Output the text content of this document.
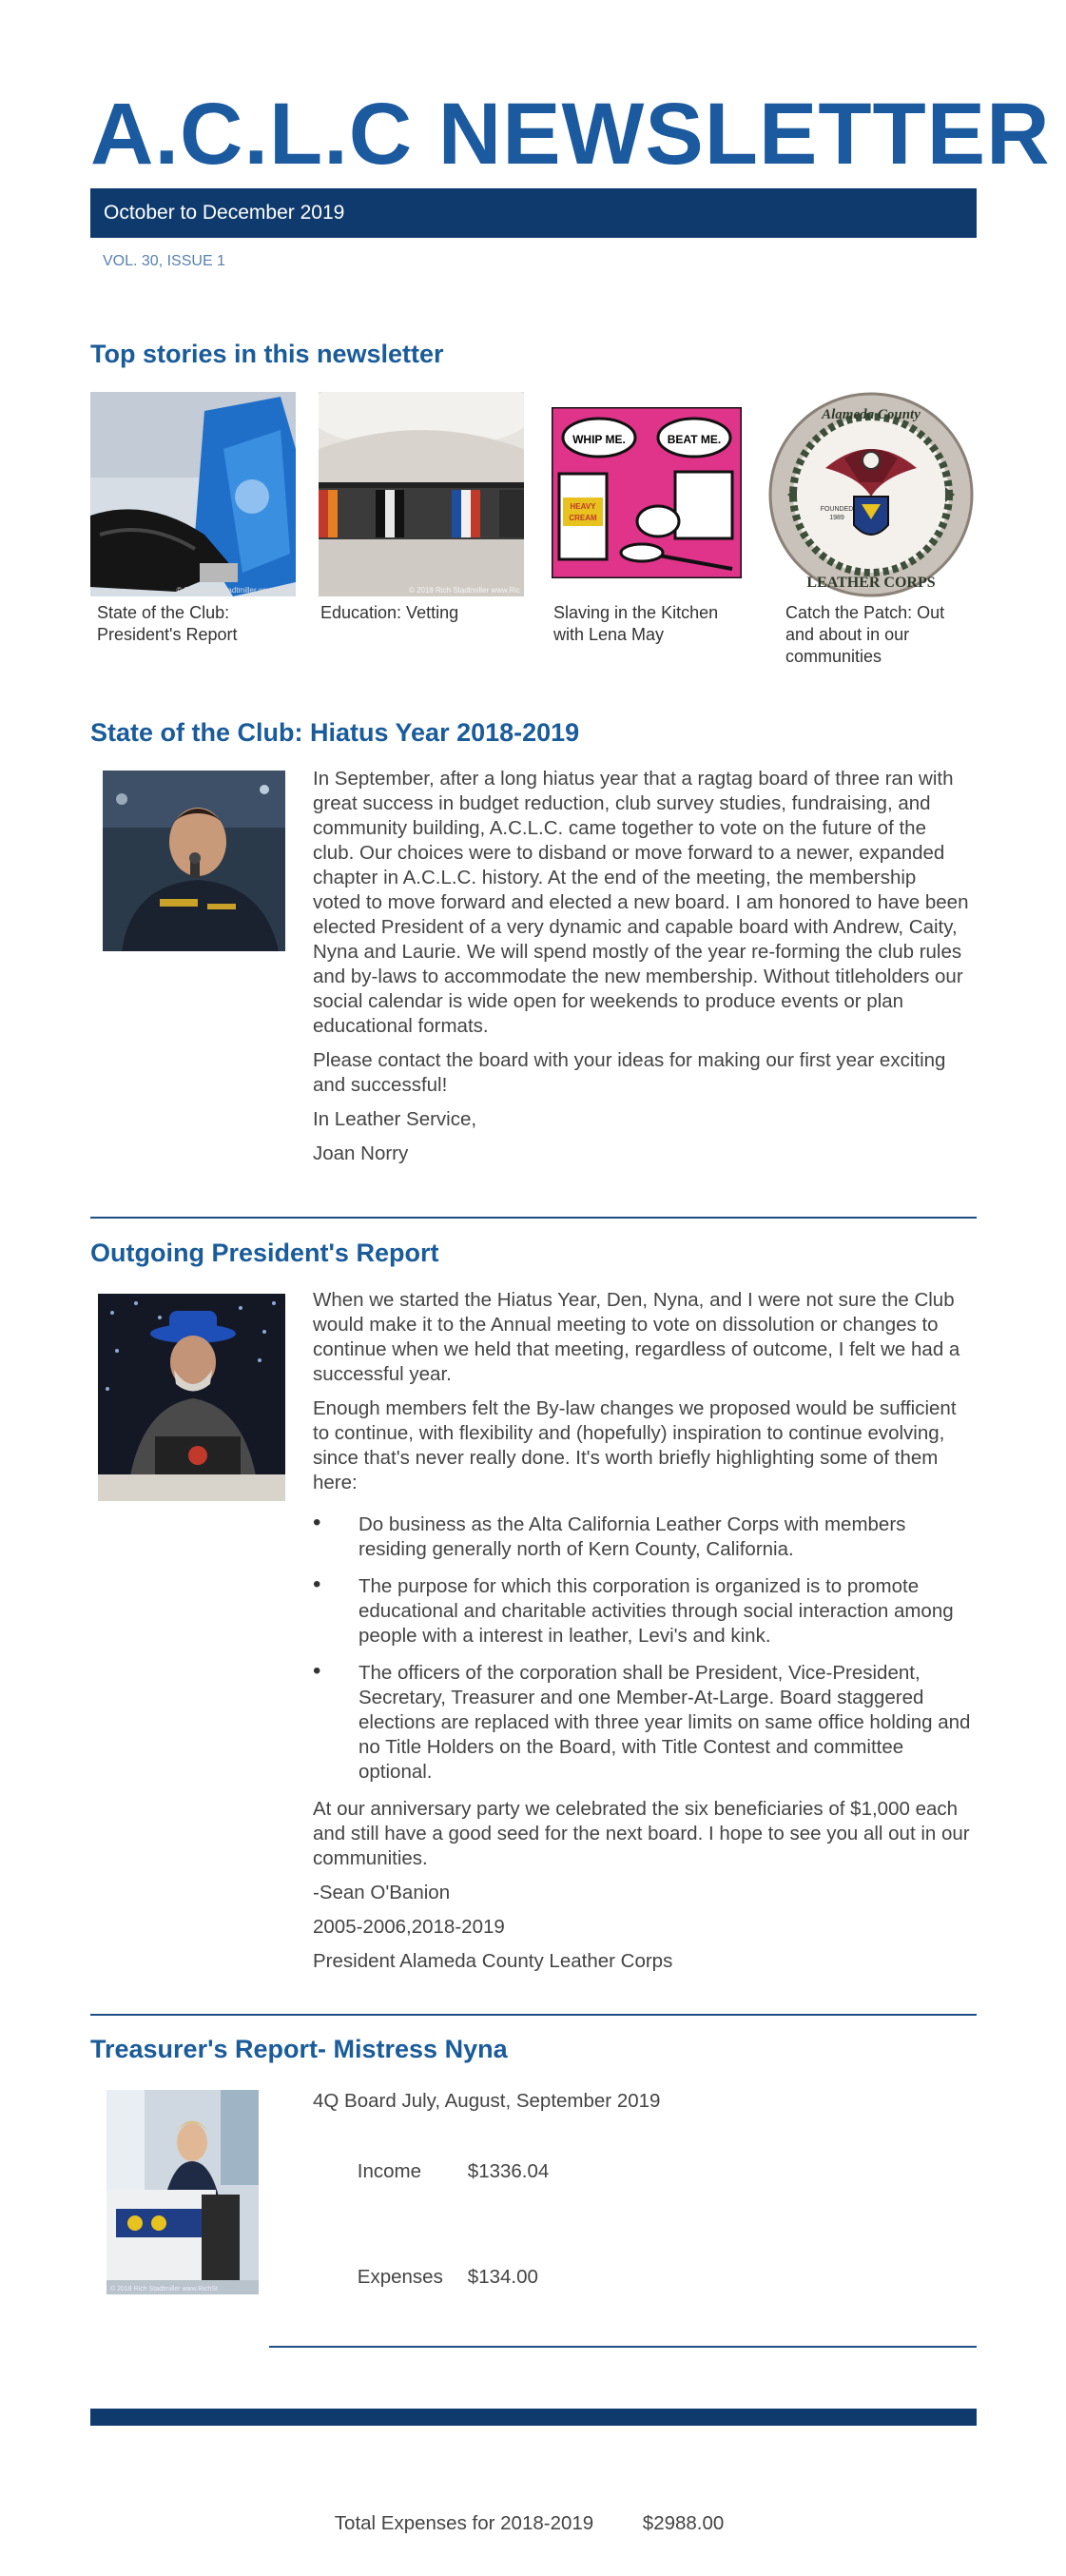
A.C.L.C NEWSLETTER
October to December 2019
VOL. 30, ISSUE 1
Top stories in this newsletter
© 2018 Rich Stadtmiller www.Rich
State of the Club: President's Report
© 2018 Rich Stadtmiller www.Ric
Education: Vetting
WHIP ME.	BEAT ME.
HEAVY
CREAM
Slaving in the Kitchen with Lena May
Alameda County
LEATHER CORPS
FOUNDED
1989
Catch the Patch: Out and about in our communities
State of the Club: Hiatus Year 2018-2019

In September, after a long hiatus year that a ragtag board of three ran with great success in budget reduction, club survey studies, fundraising, and community building, A.C.L.C. came together to vote on the future of the club. Our choices were to disband or move forward to a newer, expanded chapter in A.C.L.C. history. At the end of the meeting, the membership voted to move forward and elected a new board. I am honored to have been elected President of a very dynamic and capable board with Andrew, Caity, Nyna and Laurie. We will spend mostly of the year re-forming the club rules and by-laws to accommodate the new membership. Without titleholders our social calendar is wide open for weekends to produce events or plan educational formats.

Please contact the board with your ideas for making our first year exciting and successful!

In Leather Service,

Joan Norry

Outgoing President's Report

When we started the Hiatus Year, Den, Nyna, and I were not sure the Club would make it to the Annual meeting to vote on dissolution or changes to continue when we held that meeting, regardless of outcome, I felt we had a successful year.

Enough members felt the By-law changes we proposed would be sufficient to continue, with flexibility and (hopefully) inspiration to continue evolving, since that's never really done. It's worth briefly highlighting some of them here:

• Do business as the Alta California Leather Corps with members residing generally north of Kern County, California.
• The purpose for which this corporation is organized is to promote educational and charitable activities through social interaction among people with a interest in leather, Levi's and kink.
• The officers of the corporation shall be President, Vice-President, Secretary, Treasurer and one Member-At-Large. Board staggered elections are replaced with three year limits on same office holding and no Title Holders on the Board, with Title Contest and committee optional.

At our anniversary party we celebrated the six beneficiaries of $1,000 each and still have a good seed for the next board. I hope to see you all out in our communities.

-Sean O'Banion

2005-2006,2018-2019

President Alameda County Leather Corps

Treasurer's Report- Mistress Nyna
© 2018 Rich Stadtmiller www.RichSt
4Q Board July, August, September 2019

Income $1336.04

Expenses $134.00

Total Expenses for 2018-2019	$2988.00
